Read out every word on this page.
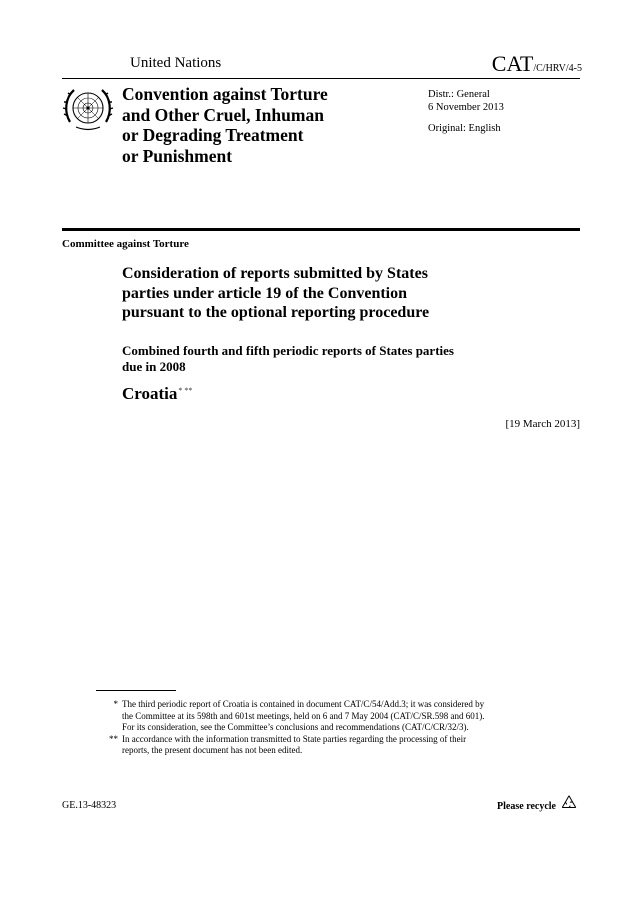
United Nations	CAT/C/HRV/4-5
Convention against Torture
and Other Cruel, Inhuman
or Degrading Treatment
or Punishment
Distr.: General
6 November 2013
Original: English
Committee against Torture
Consideration of reports submitted by States
parties under article 19 of the Convention
pursuant to the optional reporting procedure
Combined fourth and fifth periodic reports of States parties
due in 2008
Croatia* **
[19 March 2013]
* The third periodic report of Croatia is contained in document CAT/C/54/Add.3; it was considered by
the Committee at its 598th and 601st meetings, held on 6 and 7 May 2004 (CAT/C/SR.598 and 601).
For its consideration, see the Committee’s conclusions and recommendations (CAT/C/CR/32/3).
** In accordance with the information transmitted to State parties regarding the processing of their
reports, the present document has not been edited.
GE.13-48323	Please recycle
